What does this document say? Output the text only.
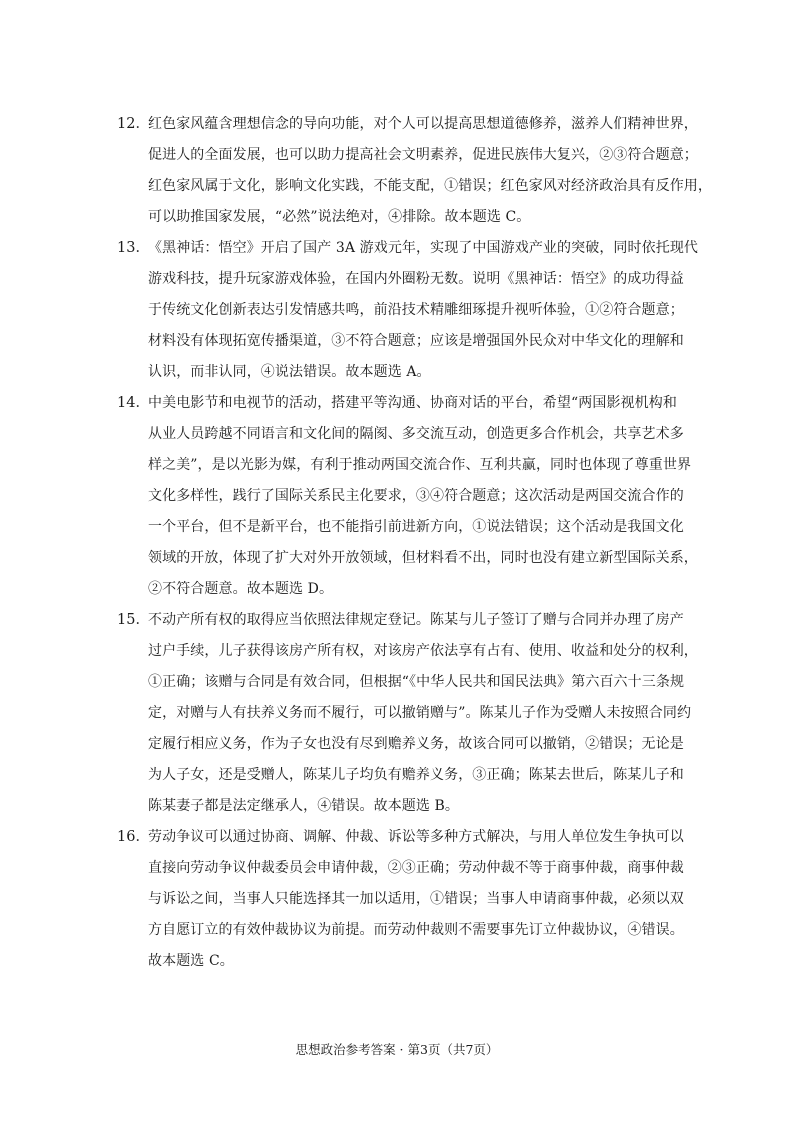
12．
红色家风蕴含理想信念的导向功能，对个人可以提高思想道德修养，滋养人们精神世界，
促进人的全面发展，也可以助力提高社会文明素养，促进民族伟大复兴，②③符合题意；
红色家风属于文化，影响文化实践，不能支配，①错误；红色家风对经济政治具有反作用，
可以助推国家发展，“必然”说法绝对，④排除。故本题选 C。
13．
《黑神话：悟空》开启了国产 3A 游戏元年，实现了中国游戏产业的突破，同时依托现代
游戏科技，提升玩家游戏体验，在国内外圈粉无数。说明《黑神话：悟空》的成功得益
于传统文化创新表达引发情感共鸣，前沿技术精雕细琢提升视听体验，①②符合题意；
材料没有体现拓宽传播渠道，③不符合题意；应该是增强国外民众对中华文化的理解和
认识，而非认同，④说法错误。故本题选 A。
14．
中美电影节和电视节的活动，搭建平等沟通、协商对话的平台，希望“两国影视机构和
从业人员跨越不同语言和文化间的隔阂、多交流互动，创造更多合作机会，共享艺术多
样之美”，是以光影为媒，有利于推动两国交流合作、互利共赢，同时也体现了尊重世界
文化多样性，践行了国际关系民主化要求，③④符合题意；这次活动是两国交流合作的
一个平台，但不是新平台，也不能指引前进新方向，①说法错误；这个活动是我国文化
领域的开放，体现了扩大对外开放领域，但材料看不出，同时也没有建立新型国际关系，
②不符合题意。故本题选 D。
15．
不动产所有权的取得应当依照法律规定登记。陈某与儿子签订了赠与合同并办理了房产
过户手续，儿子获得该房产所有权，对该房产依法享有占有、使用、收益和处分的权利，
①正确；该赠与合同是有效合同，但根据“《中华人民共和国民法典》第六百六十三条规
定，对赠与人有扶养义务而不履行，可以撤销赠与”。陈某儿子作为受赠人未按照合同约
定履行相应义务，作为子女也没有尽到赡养义务，故该合同可以撤销，②错误；无论是
为人子女，还是受赠人，陈某儿子均负有赡养义务，③正确；陈某去世后，陈某儿子和
陈某妻子都是法定继承人，④错误。故本题选 B。
16．
劳动争议可以通过协商、调解、仲裁、诉讼等多种方式解决，与用人单位发生争执可以
直接向劳动争议仲裁委员会申请仲裁，②③正确；劳动仲裁不等于商事仲裁，商事仲裁
与诉讼之间，当事人只能选择其一加以适用，①错误；当事人申请商事仲裁，必须以双
方自愿订立的有效仲裁协议为前提。而劳动仲裁则不需要事先订立仲裁协议，④错误。
故本题选 C。
思想政治参考答案 · 第3页（共7页）
